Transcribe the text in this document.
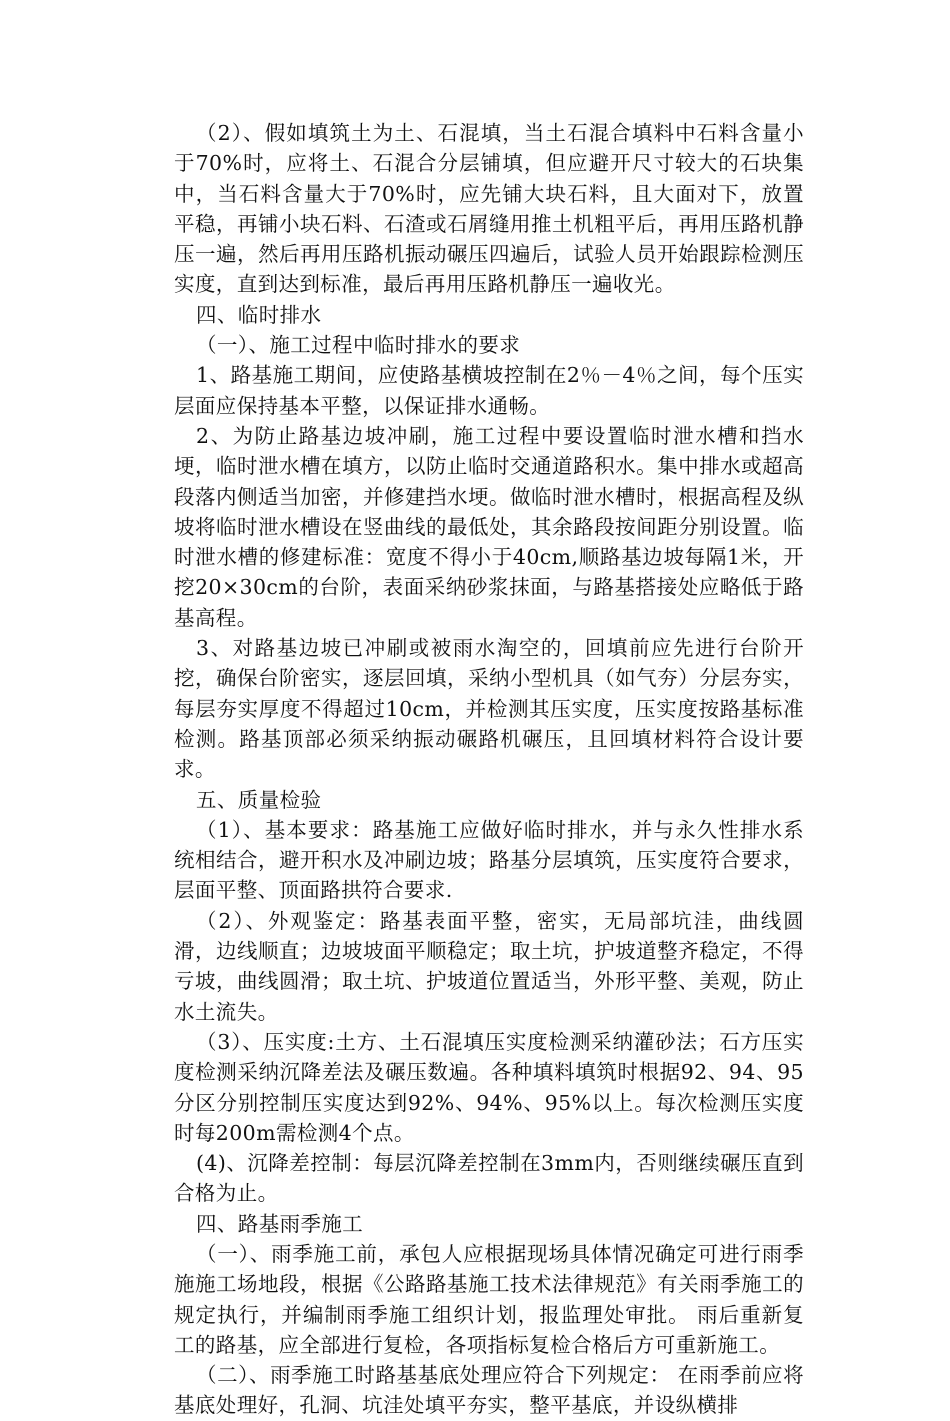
（2）、假如填筑土为土、石混填，当土石混合填料中石料含量小于70%时，应将土、石混合分层铺填，但应避开尺寸较大的石块集中，当石料含量大于70%时，应先铺大块石料，且大面对下，放置平稳，再铺小块石料、石渣或石屑缝用推土机粗平后，再用压路机静压一遍，然后再用压路机振动碾压四遍后，试验人员开始跟踪检测压实度，直到达到标准，最后再用压路机静压一遍收光。

四、临时排水

（一）、施工过程中临时排水的要求

1、路基施工期间，应使路基横坡控制在2％－4％之间，每个压实层面应保持基本平整，以保证排水通畅。

2、为防止路基边坡冲刷，施工过程中要设置临时泄水槽和挡水埂，临时泄水槽在填方，以防止临时交通道路积水。集中排水或超高段落内侧适当加密，并修建挡水埂。做临时泄水槽时，根据高程及纵坡将临时泄水槽设在竖曲线的最低处，其余路段按间距分别设置。临时泄水槽的修建标准：宽度不得小于40cm,顺路基边坡每隔1米，开挖20×30cm的台阶，表面采纳砂浆抹面，与路基搭接处应略低于路基高程。

3、对路基边坡已冲刷或被雨水淘空的，回填前应先进行台阶开挖，确保台阶密实，逐层回填，采纳小型机具（如气夯）分层夯实，每层夯实厚度不得超过10cm，并检测其压实度，压实度按路基标准检测。路基顶部必须采纳振动碾路机碾压，且回填材料符合设计要求。

五、质量检验

（1）、基本要求：路基施工应做好临时排水，并与永久性排水系统相结合，避开积水及冲刷边坡；路基分层填筑，压实度符合要求，层面平整、顶面路拱符合要求.

（2）、外观鉴定：路基表面平整，密实，无局部坑洼，曲线圆滑，边线顺直；边坡坡面平顺稳定；取土坑，护坡道整齐稳定，不得亏坡，曲线圆滑；取土坑、护坡道位置适当，外形平整、美观，防止水土流失。

（3）、压实度:土方、土石混填压实度检测采纳灌砂法；石方压实度检测采纳沉降差法及碾压数遍。各种填料填筑时根据92、94、95分区分别控制压实度达到92%、94%、95%以上。每次检测压实度时每200m需检测4个点。

(4)、沉降差控制：每层沉降差控制在3mm内，否则继续碾压直到合格为止。

四、路基雨季施工

（一）、雨季施工前，承包人应根据现场具体情况确定可进行雨季施施工场地段，根据《公路路基施工技术法律规范》有关雨季施工的规定执行，并编制雨季施工组织计划，报监理处审批。 雨后重新复工的路基，应全部进行复检，各项指标复检合格后方可重新施工。

（二）、雨季施工时路基基底处理应符合下列规定： 在雨季前应将基底处理好，孔洞、坑洼处填平夯实，整平基底，并设纵横排
